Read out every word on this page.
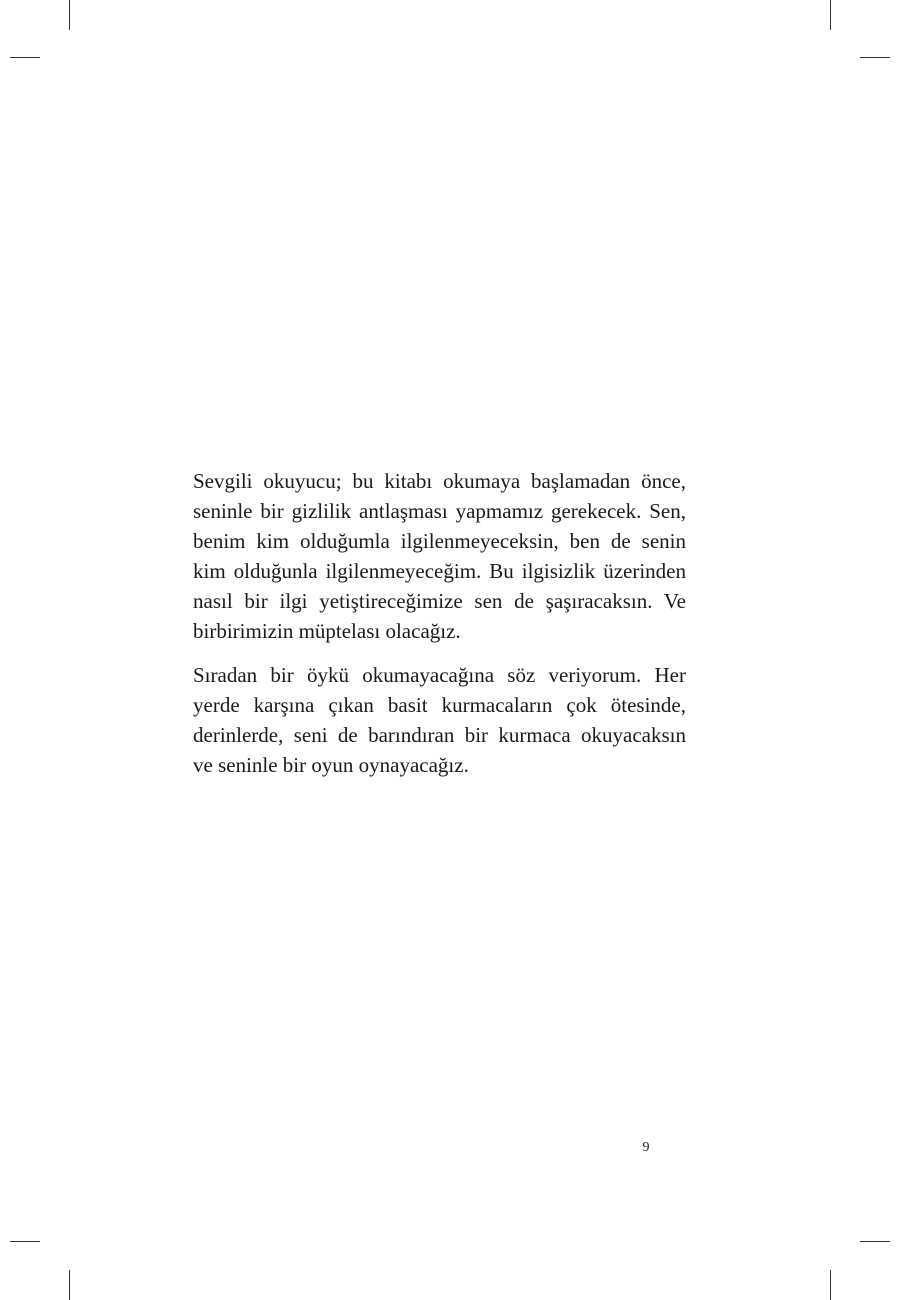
Sevgili okuyucu; bu kitabı okumaya başlamadan önce,
seninle bir gizlilik antlaşması yapmamız gerekecek. Sen,
benim kim olduğumla ilgilenmeyeceksin, ben de senin
kim olduğunla ilgilenmeyeceğim. Bu ilgisizlik üzerinden
nasıl bir ilgi yetiştireceğimize sen de şaşıracaksın. Ve
birbirimizin müptelası olacağız.
Sıradan bir öykü okumayacağına söz veriyorum. Her
yerde karşına çıkan basit kurmacaların çok ötesinde,
derinlerde, seni de barındıran bir kurmaca okuyacaksın
ve seninle bir oyun oynayacağız.
9
